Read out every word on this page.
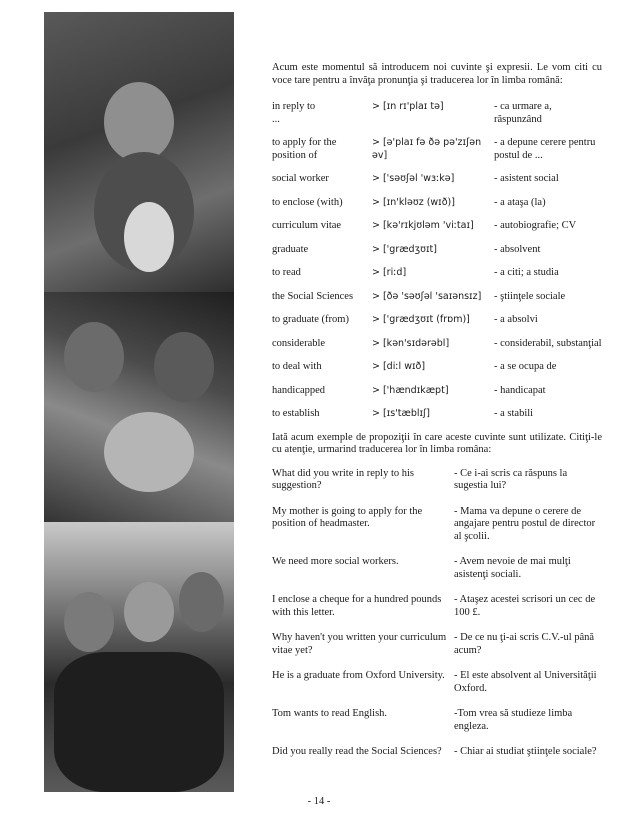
Acum este momentul să introducem noi cuvinte şi expresii. Le vom citi cu voce tare pentru a învăţa pronunţia şi traducerea lor în limba română:

in reply to
...
> [ɪn rɪ'plaɪ tə]	- ca urmare a, răspunzând
to apply for the position of
> [ə'plaɪ fə ðə pə'zɪʃən əv]
- a depune cerere pentru postul de ...
social worker	> ['səʊʃəl 'wɜːkə]	- asistent social
to enclose (with)	> [ɪn'kləʊz (wɪð)]	- a ataşa (la)
curriculum vitae	> [kə'rɪkjʊləm 'viːtaɪ]	- autobiografie; CV
graduate	> ['grædʒʊɪt]	- absolvent
to read	> [riːd]	- a citi; a studia
the Social Sciences	> [ðə 'səʊʃəl 'saɪənsɪz]	- ştiinţele sociale
to graduate (from)	> ['grædʒʊɪt (frɒm)]	- a absolvi
considerable	> [kən'sɪdərəbl]	- considerabil, substanţial
to deal with	> [diːl wɪð]	- a se ocupa de
handicapped	> ['hændɪkæpt]	- handicapat
to establish	> [ɪs'tæblɪʃ]	- a stabili

Iată acum exemple de propoziţii în care aceste cuvinte sunt utilizate. Citiţi-le cu atenţie, urmarind traducerea lor în limba româna:

What did you write in reply to his suggestion?
- Ce i-ai scris ca răspuns la sugestia lui?
My mother is going to apply for the position of headmaster.
- Mama va depune o cerere de angajare pentru postul de director al şcolii.
We need more social workers.	- Avem nevoie de mai mulţi asistenţi sociali.
I enclose a cheque for a hundred pounds with this letter.
- Ataşez acestei scrisori un cec de 100 £.
Why haven't you written your curriculum vitae yet?
- De ce nu ţi-ai scris C.V.-ul până acum?
He is a graduate from Oxford University. - El este absolvent al Universităţii Oxford.
Tom wants to read English.	-Tom vrea să studieze limba engleza.
Did you really read the Social Sciences?	- Chiar ai studiat ştiinţele sociale?
- 14 -
